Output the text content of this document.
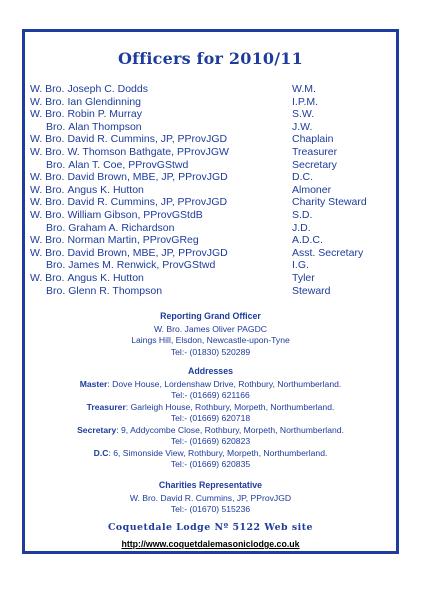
Officers for 2010/11
W. Bro. Joseph C. Dodds	W.M.
W. Bro. Ian Glendinning	I.P.M.
W. Bro. Robin P. Murray	S.W.
Bro. Alan Thompson	J.W.
W. Bro. David R. Cummins, JP, PProvJGD	Chaplain
W. Bro. W. Thomson Bathgate, PProvJGW	Treasurer
Bro. Alan T. Coe, PProvGStwd	Secretary
W. Bro. David Brown, MBE, JP, PProvJGD	D.C.
W. Bro. Angus K. Hutton	Almoner
W. Bro. David R. Cummins, JP, PProvJGD	Charity Steward
W. Bro. William Gibson, PProvGStdB	S.D.
Bro. Graham A. Richardson	J.D.
W. Bro. Norman Martin, PProvGReg	A.D.C.
W. Bro. David Brown, MBE, JP, PProvJGD	Asst. Secretary
Bro. James M. Renwick, ProvGStwd	I.G.
W. Bro. Angus K. Hutton	Tyler
Bro. Glenn R. Thompson	Steward
Reporting Grand Officer
W. Bro. James Oliver PAGDC
Laings Hill, Elsdon, Newcastle-upon-Tyne
Tel:- (01830) 520289
Addresses
Master: Dove House, Lordenshaw Drive, Rothbury, Northumberland.
Tel:- (01669) 621166
Treasurer: Garleigh House, Rothbury, Morpeth, Northumberland.
Tel:- (01669) 620718
Secretary: 9, Addycombe Close, Rothbury, Morpeth, Northumberland.
Tel:- (01669) 620823
D.C: 6, Simonside View, Rothbury, Morpeth, Northumberland.
Tel:- (01669) 620835
Charities Representative
W. Bro. David R. Cummins, JP, PProvJGD
Tel:- (01670) 515236
Coquetdale Lodge Nº 5122 Web site
http://www.coquetdalemasoniclodge.co.uk
